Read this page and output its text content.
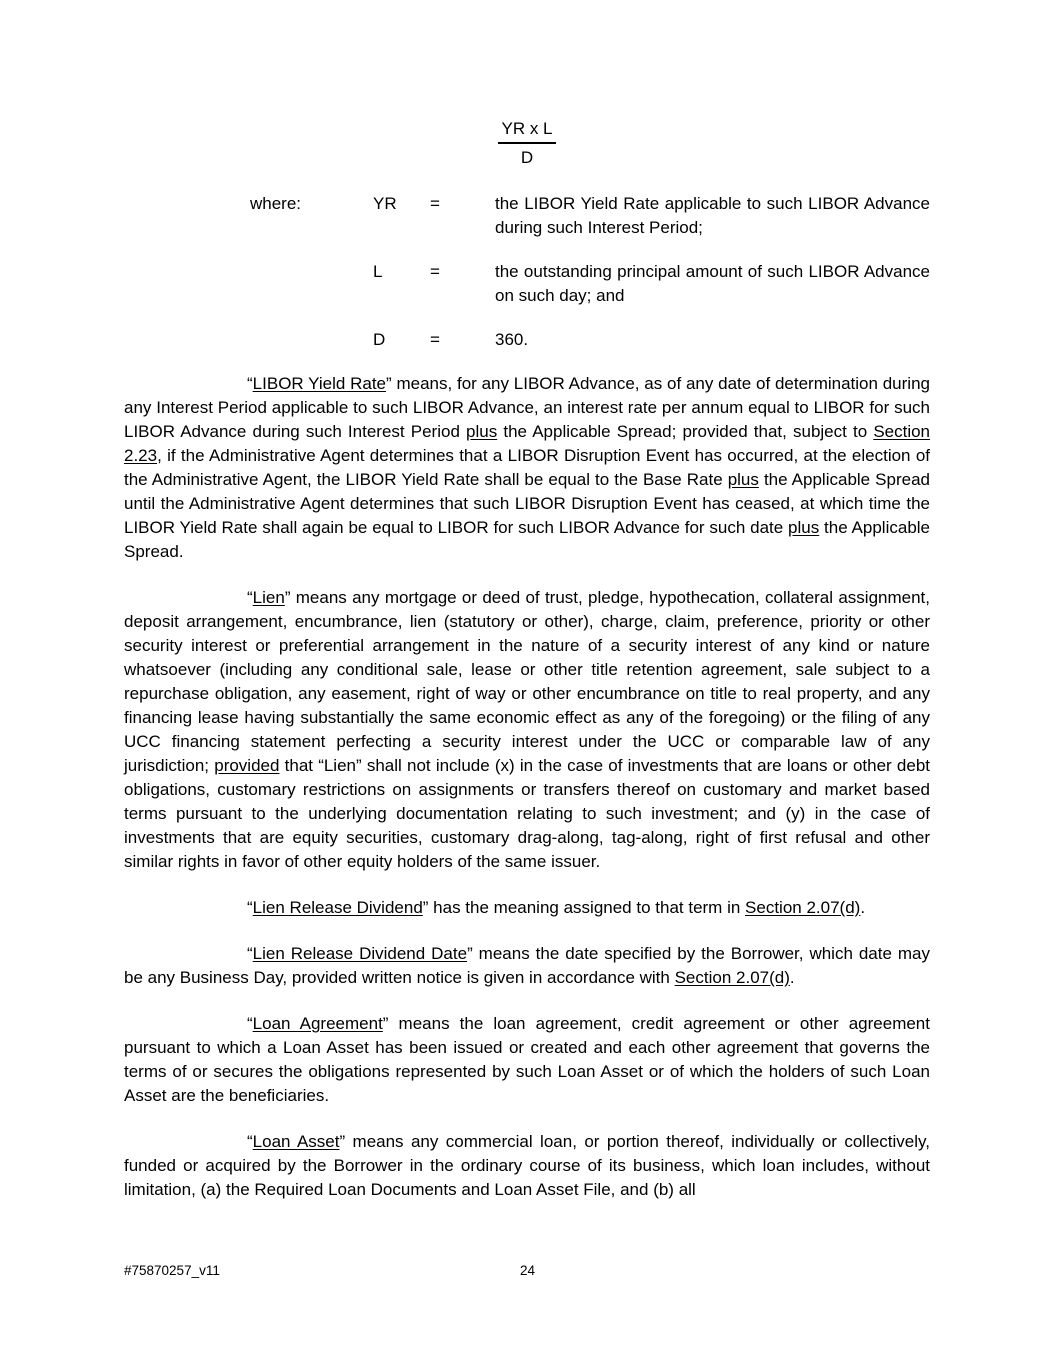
$\frac{\text{YR x L}}{D}$
where:	YR	=	the LIBOR Yield Rate applicable to such LIBOR Advance during such Interest Period;
L	=	the outstanding principal amount of such LIBOR Advance on such day; and
D	=	360.

“LIBOR Yield Rate” means, for any LIBOR Advance, as of any date of determination during any Interest Period applicable to such LIBOR Advance, an interest rate per annum equal to LIBOR for such LIBOR Advance during such Interest Period plus the Applicable Spread; provided that, subject to Section 2.23, if the Administrative Agent determines that a LIBOR Disruption Event has occurred, at the election of the Administrative Agent, the LIBOR Yield Rate shall be equal to the Base Rate plus the Applicable Spread until the Administrative Agent determines that such LIBOR Disruption Event has ceased, at which time the LIBOR Yield Rate shall again be equal to LIBOR for such LIBOR Advance for such date plus the Applicable Spread.

“Lien” means any mortgage or deed of trust, pledge, hypothecation, collateral assignment, deposit arrangement, encumbrance, lien (statutory or other), charge, claim, preference, priority or other security interest or preferential arrangement in the nature of a security interest of any kind or nature whatsoever (including any conditional sale, lease or other title retention agreement, sale subject to a repurchase obligation, any easement, right of way or other encumbrance on title to real property, and any financing lease having substantially the same economic effect as any of the foregoing) or the filing of any UCC financing statement perfecting a security interest under the UCC or comparable law of any jurisdiction; provided that “Lien” shall not include (x) in the case of investments that are loans or other debt obligations, customary restrictions on assignments or transfers thereof on customary and market based terms pursuant to the underlying documentation relating to such investment; and (y) in the case of investments that are equity securities, customary drag-along, tag-along, right of first refusal and other similar rights in favor of other equity holders of the same issuer.

“Lien Release Dividend” has the meaning assigned to that term in Section 2.07(d).

“Lien Release Dividend Date” means the date specified by the Borrower, which date may be any Business Day, provided written notice is given in accordance with Section 2.07(d).

“Loan Agreement” means the loan agreement, credit agreement or other agreement pursuant to which a Loan Asset has been issued or created and each other agreement that governs the terms of or secures the obligations represented by such Loan Asset or of which the holders of such Loan Asset are the beneficiaries.

“Loan Asset” means any commercial loan, or portion thereof, individually or collectively, funded or acquired by the Borrower in the ordinary course of its business, which loan includes, without limitation, (a) the Required Loan Documents and Loan Asset File, and (b) all

#75870257_v11	24
